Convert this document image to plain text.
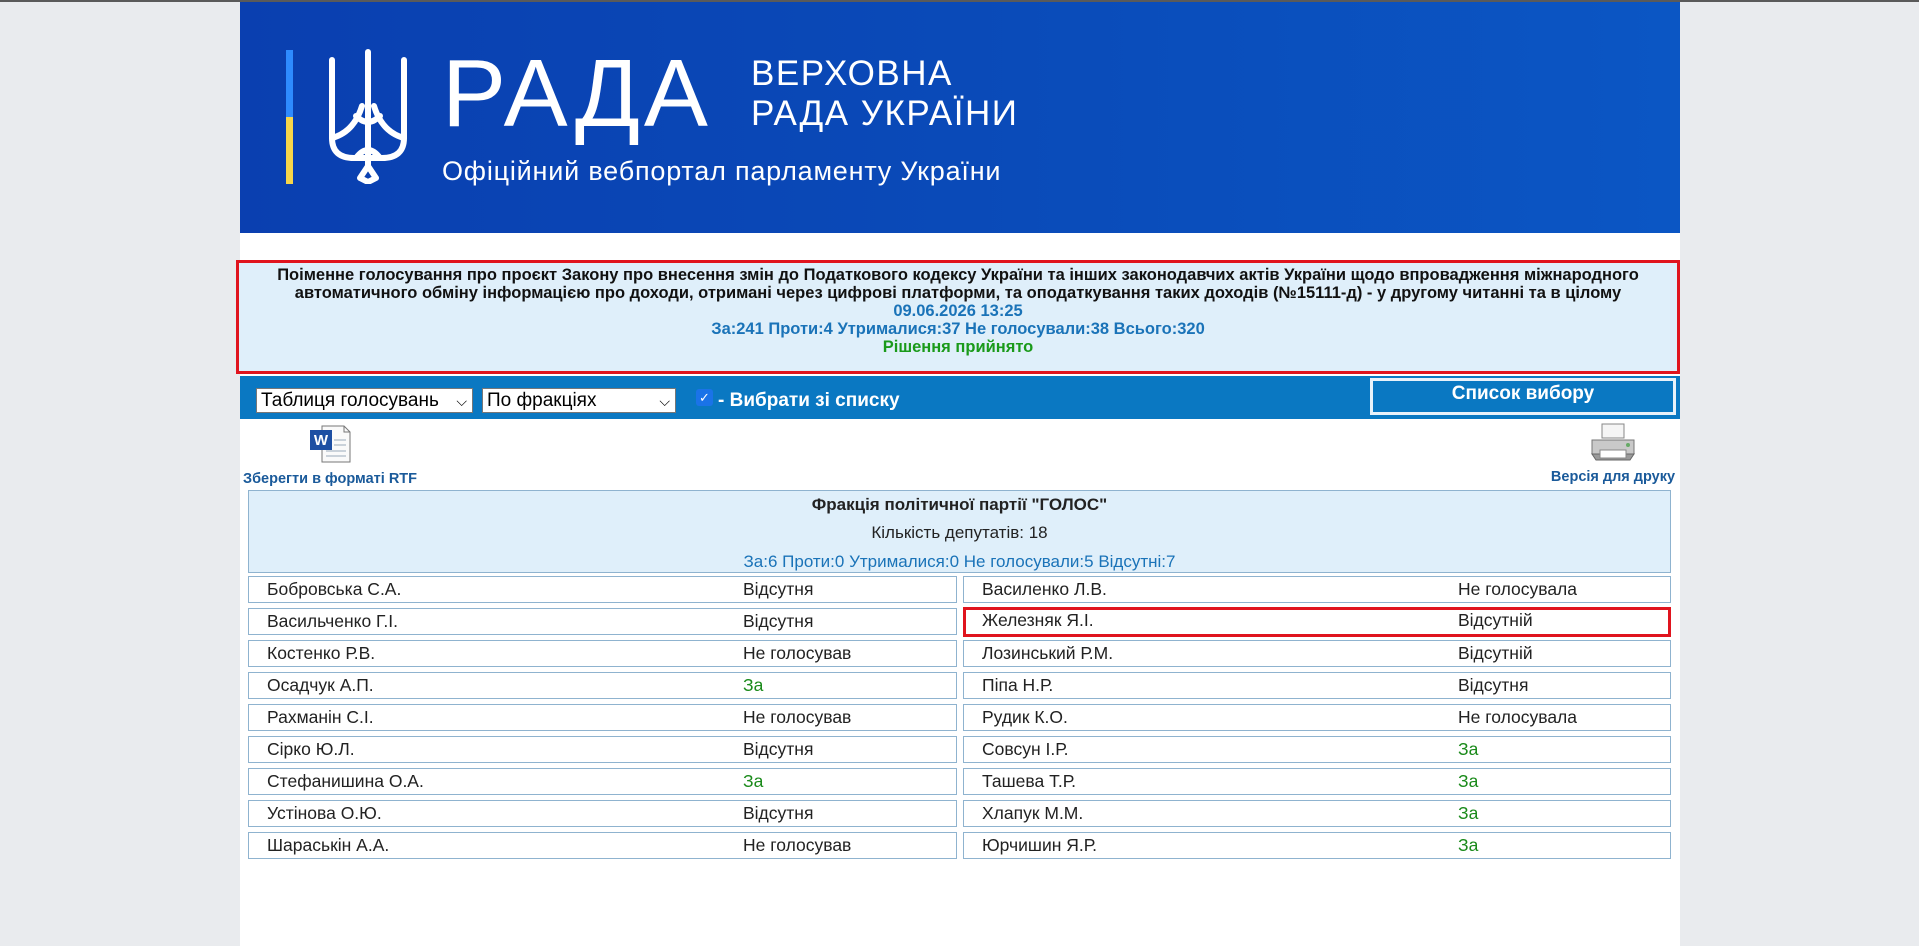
РАДА ВЕРХОВНА
РАДА УКРАЇНИ
Офіційний вебпортал парламенту України
Поіменне голосування про проєкт Закону про внесення змін до Податкового кодексу України та інших законодавчих актів України щодо впровадження міжнародного автоматичного обміну інформацією про доходи, отримані через цифрові платформи, та оподаткування таких доходів (№15111-д) - у другому читанні та в цілому
09.06.2026 13:25
За:241 Проти:4 Утрималися:37 Не голосували:38 Всього:320
Рішення прийнято
Таблиця голосувань ⌵ По фракціях	⌵ ✓ - Вибрати зі списку	Список вибору
W
Зберегти в форматі RTF	Версія для друку
Фракція політичної партії "ГОЛОС"
Кількість депутатів: 18
За:6 Проти:0 Утрималися:0 Не голосували:5 Відсутні:7
Бобровська С.А.	Відсутня
Васильченко Г.І.	Відсутня
Костенко Р.В.	Не голосував
Осадчук А.П.	За
Рахманін С.І.	Не голосував
Сірко Ю.Л.	Відсутня
Стефанишина О.А.	За
Устінова О.Ю.	Відсутня
Шараськін А.А.	Не голосував
Василенко Л.В.	Не голосувала
Железняк Я.І.	Відсутній
Лозинський Р.М.	Відсутній
Піпа Н.Р.	Відсутня
Рудик К.О.	Не голосувала
Совсун І.Р.	За
Ташева Т.Р.	За
Хлапук М.М.	За
Юрчишин Я.Р.	За
